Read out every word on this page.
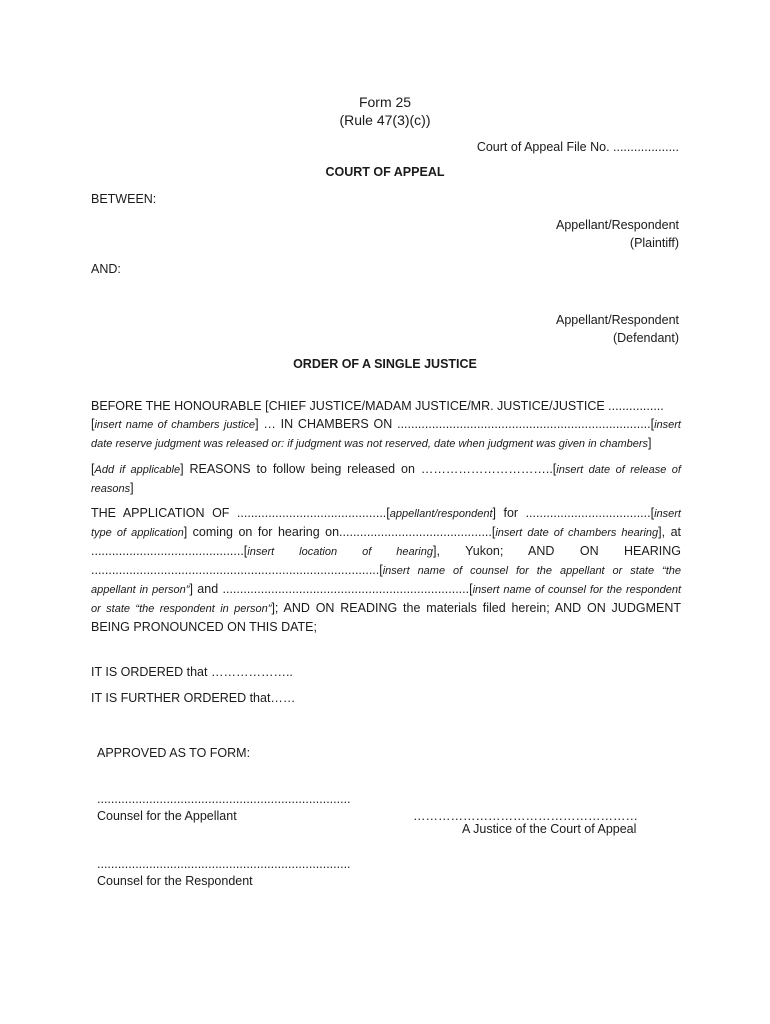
Form 25
(Rule 47(3)(c))
Court of Appeal File No. ...................
COURT OF APPEAL
BETWEEN:
Appellant/Respondent
(Plaintiff)
AND:
Appellant/Respondent
(Defendant)
ORDER OF A SINGLE JUSTICE
BEFORE THE HONOURABLE [CHIEF JUSTICE/MADAM JUSTICE/MR. JUSTICE/JUSTICE ................
[insert name of chambers justice] … IN CHAMBERS ON .........................................................................[insert
date reserve judgment was released or: if judgment was not reserved, date when judgment was given in chambers]
[Add if applicable] REASONS to follow being released on …………………………..[insert date of release of
reasons]
THE APPLICATION OF ...........................................[appellant/respondent] for ....................................[insert
type of application] coming on for hearing on............................................[insert date of chambers hearing], at
............................................[insert location of hearing], Yukon; AND ON HEARING
...................................................................................[insert name of counsel for the appellant or state “the
appellant in person”] and .......................................................................[insert name of counsel for the respondent
or state “the respondent in person”]; AND ON READING the materials filed herein; AND ON JUDGMENT
BEING PRONOUNCED ON THIS DATE;
IT IS ORDERED that ………………..
IT IS FURTHER ORDERED that……
APPROVED AS TO FORM:
.........................................................................
Counsel for the Appellant	………………………………………………
A Justice of the Court of Appeal
.........................................................................
Counsel for the Respondent
